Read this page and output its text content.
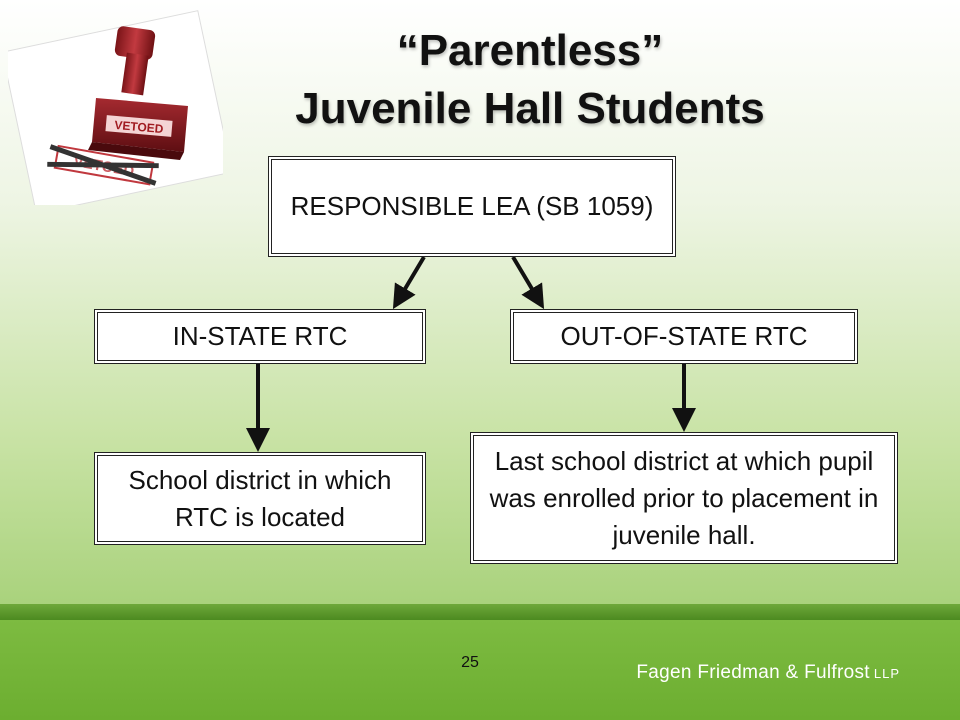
VETOED
“Parentless”
Juvenile Hall Students
RESPONSIBLE LEA (SB 1059)
IN-STATE RTC	OUT-OF-STATE RTC
School district in which RTC is located
Last school district at which pupil was enrolled prior to placement in juvenile hall.
25	Fagen Friedman & Fulfrost LLP
